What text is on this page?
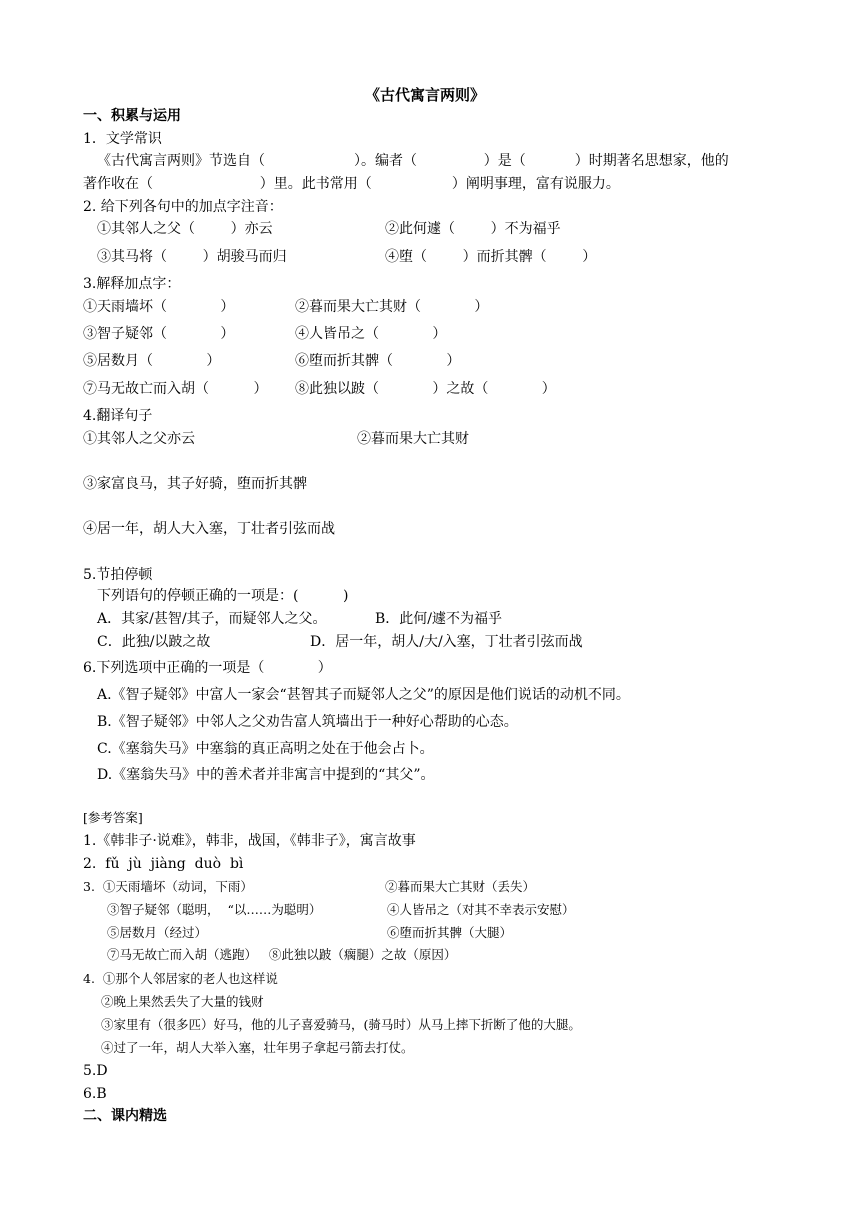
《古代寓言两则》
一、积累与运用
1．文学常识
《古代寓言两则》节选自（                    ）。编者（               ）是（           ）时期著名思想家，他的
著作收在（                        ）里。此书常用（                  ）阐明事理，富有说服力。
2. 给下列各句中的加点字注音：
①其邻人之父（        ）亦云	②此何遽（        ）不为福乎
③其马将（        ）胡骏马而归	④堕（        ）而折其髀（        ）
3.解释加点字：
①天雨墙坏（            ）	②暮而果大亡其财（            ）
③智子疑邻（            ）	④人皆吊之（            ）
⑤居数月（            ）	⑥堕而折其髀（            ）
⑦马无故亡而入胡（          ） ⑧此独以跛（            ）之故（            ）
4.翻译句子
①其邻人之父亦云	②暮而果大亡其财
③家富良马，其子好骑，堕而折其髀
④居一年，胡人大入塞，丁壮者引弦而战
5.节拍停顿
下列语句的停顿正确的一项是：(          )
A．其家/甚智/其子，而疑邻人之父。	B．此何/遽不为福乎
C．此独/以跛之故	D．居一年，胡人/大/入塞，丁壮者引弦而战
6.下列选项中正确的一项是（            ）
A.《智子疑邻》中富人一家会“甚智其子而疑邻人之父”的原因是他们说话的动机不同。
B.《智子疑邻》中邻人之父劝告富人筑墙出于一种好心帮助的心态。
C.《塞翁失马》中塞翁的真正高明之处在于他会占卜。
D.《塞翁失马》中的善术者并非寓言中提到的“其父”。
[参考答案]
1.《韩非子·说难》，韩非，战国，《韩非子》，寓言故事
2.  fǔ  jù  jiàng  duò  bì
3.  ①天雨墙坏（动词，下雨）	②暮而果大亡其财（丢失）
③智子疑邻（聪明，  “以……为聪明）	④人皆吊之（对其不幸表示安慰）
⑤居数月（经过）	⑥堕而折其髀（大腿）
⑦马无故亡而入胡（逃跑）   ⑧此独以跛（瘸腿）之故（原因）
4.  ①那个人邻居家的老人也这样说
②晚上果然丢失了大量的钱财
③家里有（很多匹）好马，他的儿子喜爱骑马，(骑马时）从马上摔下折断了他的大腿。
④过了一年，胡人大举入塞，壮年男子拿起弓箭去打仗。
5.D
6.B
二、课内精选
